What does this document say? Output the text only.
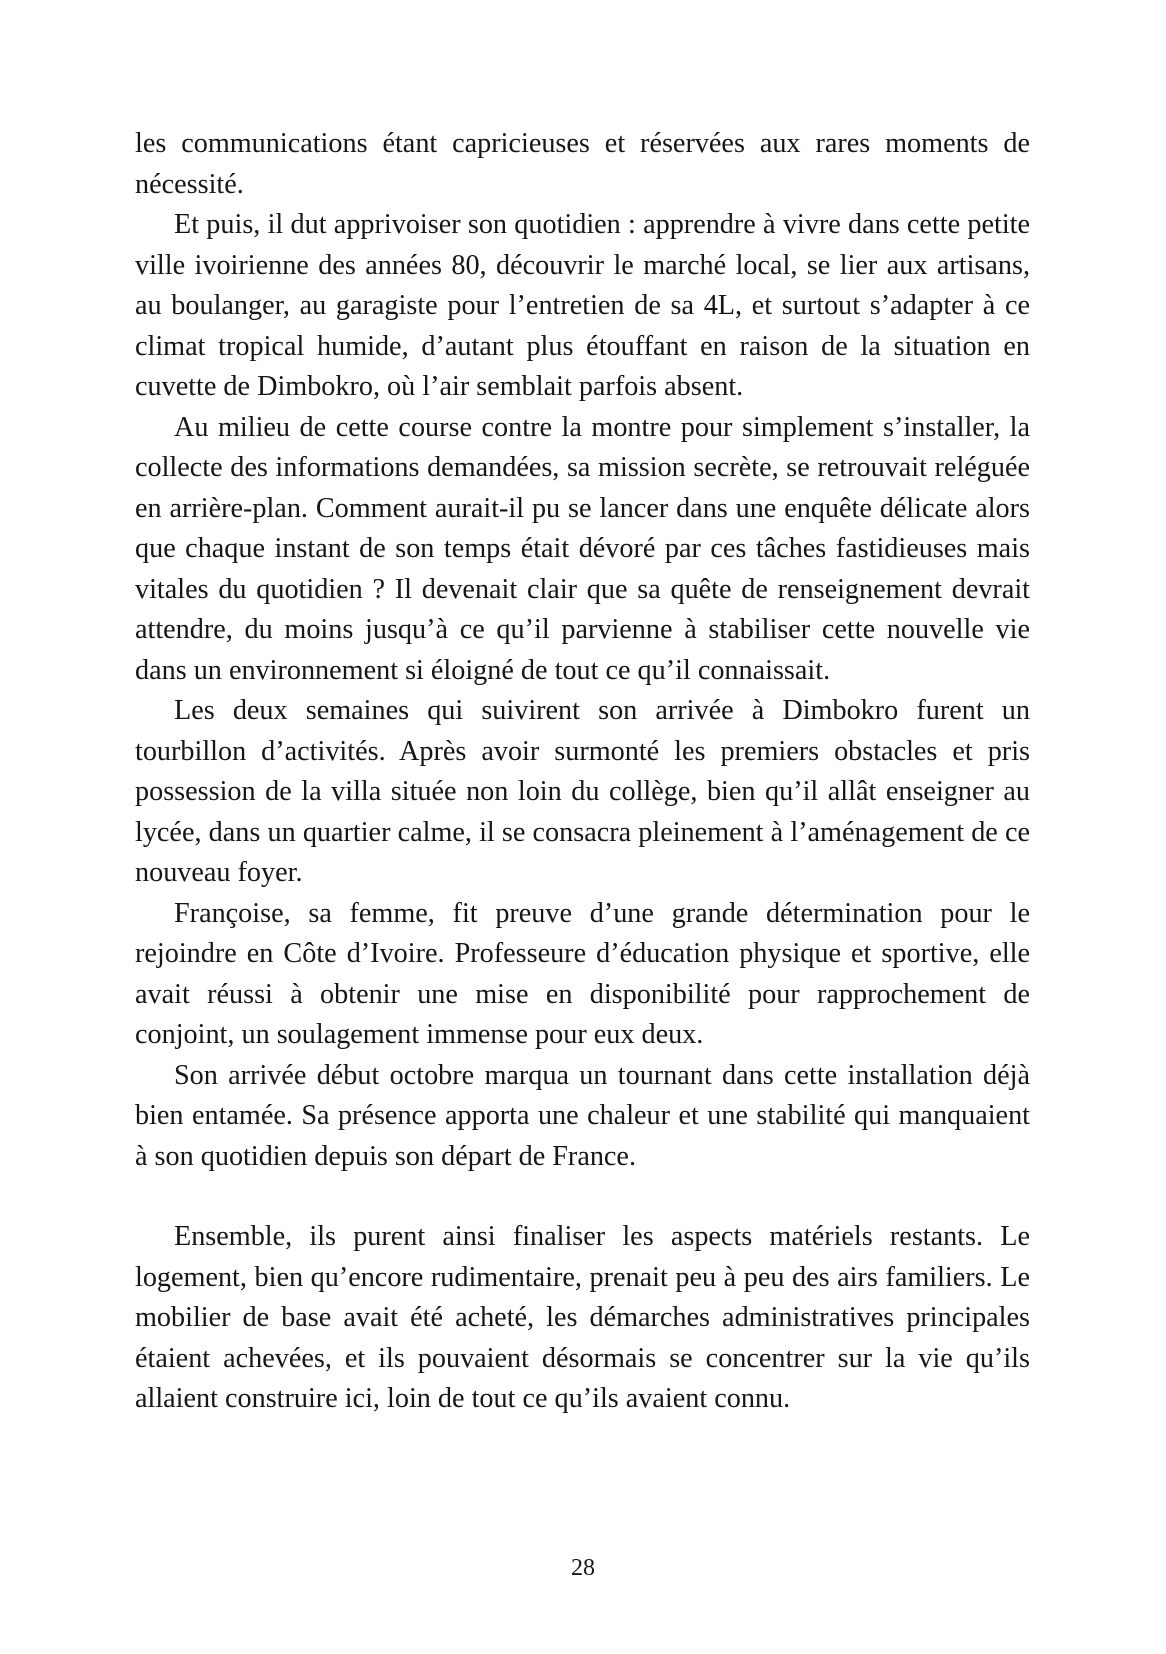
les communications étant capricieuses et réservées aux rares moments de nécessité.

Et puis, il dut apprivoiser son quotidien : apprendre à vivre dans cette petite ville ivoirienne des années 80, découvrir le marché local, se lier aux artisans, au boulanger, au garagiste pour l’entretien de sa 4L, et surtout s’adapter à ce climat tropical humide, d’autant plus étouffant en raison de la situation en cuvette de Dimbokro, où l’air semblait parfois absent.

Au milieu de cette course contre la montre pour simplement s’installer, la collecte des informations demandées, sa mission secrète, se retrouvait reléguée en arrière-plan. Comment aurait-il pu se lancer dans une enquête délicate alors que chaque instant de son temps était dévoré par ces tâches fastidieuses mais vitales du quotidien ? Il devenait clair que sa quête de renseignement devrait attendre, du moins jusqu’à ce qu’il parvienne à stabiliser cette nouvelle vie dans un environnement si éloigné de tout ce qu’il connaissait.

Les deux semaines qui suivirent son arrivée à Dimbokro furent un tourbillon d’activités. Après avoir surmonté les premiers obstacles et pris possession de la villa située non loin du collège, bien qu’il allât enseigner au lycée, dans un quartier calme, il se consacra pleinement à l’aménagement de ce nouveau foyer.

Françoise, sa femme, fit preuve d’une grande détermination pour le rejoindre en Côte d’Ivoire. Professeure d’éducation physique et sportive, elle avait réussi à obtenir une mise en disponibilité pour rapprochement de conjoint, un soulagement immense pour eux deux.

Son arrivée début octobre marqua un tournant dans cette installation déjà bien entamée. Sa présence apporta une chaleur et une stabilité qui manquaient à son quotidien depuis son départ de France.

Ensemble, ils purent ainsi finaliser les aspects matériels restants. Le logement, bien qu’encore rudimentaire, prenait peu à peu des airs familiers. Le mobilier de base avait été acheté, les démarches administratives principales étaient achevées, et ils pouvaient désormais se concentrer sur la vie qu’ils allaient construire ici, loin de tout ce qu’ils avaient connu.

28
